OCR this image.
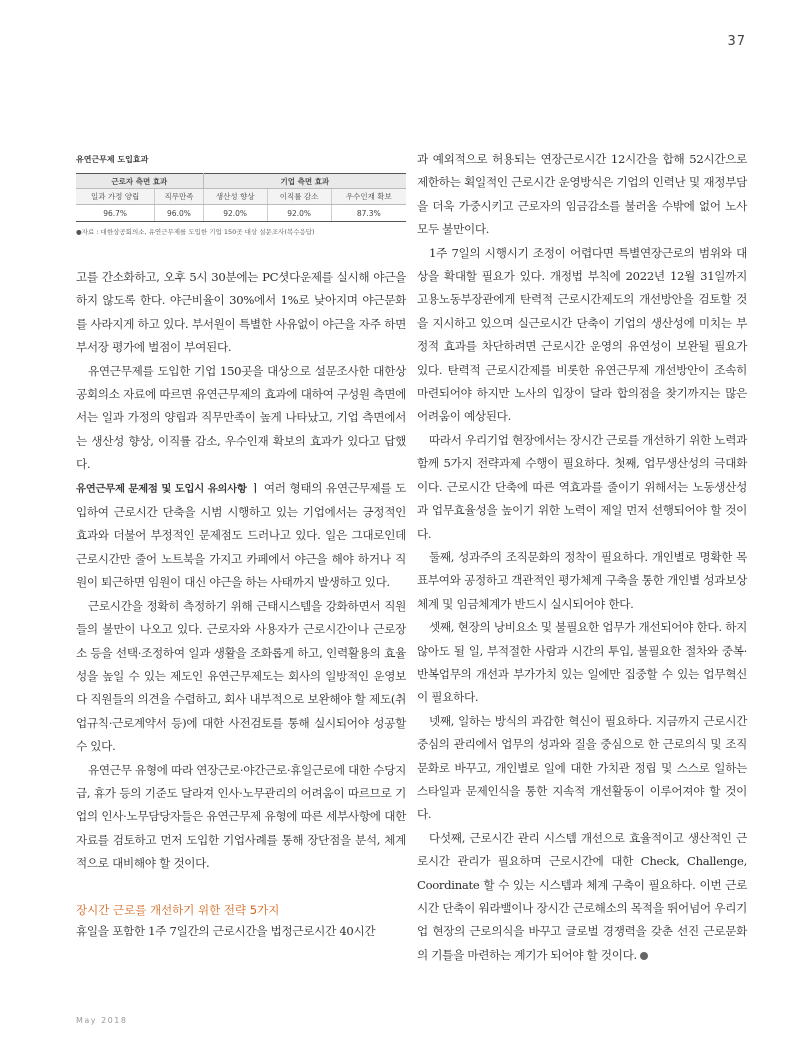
37
유연근무제 도입효과
근로자 측면 효과		기업 측면 효과		
일과 가정 양립	직무만족	생산성 향상	이직률 감소	우수인재 확보
96.7%	96.0%	92.0%	92.0%	87.3%
●자료 : 대한상공회의소, 유연근무제를 도입한 기업 150곳 대상 설문조사(복수응답)

고를 간소화하고, 오후 5시 30분에는 PC셧다운제를 실시해 야근을 하지 않도록 한다. 야근비율이 30%에서 1%로 낮아지며 야근문화를 사라지게 하고 있다. 부서원이 특별한 사유없이 야근을 자주 하면 부서장 평가에 벌점이 부여된다.

유연근무제를 도입한 기업 150곳을 대상으로 설문조사한 대한상공회의소 자료에 따르면 유연근무제의 효과에 대하여 구성원 측면에서는 일과 가정의 양립과 직무만족이 높게 나타났고, 기업 측면에서는 생산성 향상, 이직률 감소, 우수인재 확보의 효과가 있다고 답했다.

유연근무제 문제점 및 도입시 유의사항 ㅣ 여러 형태의 유연근무제를 도입하여 근로시간 단축을 시범 시행하고 있는 기업에서는 긍정적인 효과와 더불어 부정적인 문제점도 드러나고 있다. 일은 그대로인데 근로시간만 줄어 노트북을 가지고 카페에서 야근을 해야 하거나 직원이 퇴근하면 임원이 대신 야근을 하는 사태까지 발생하고 있다.

근로시간을 정확히 측정하기 위해 근태시스템을 강화하면서 직원들의 불만이 나오고 있다. 근로자와 사용자가 근로시간이나 근로장소 등을 선택·조정하여 일과 생활을 조화롭게 하고, 인력활용의 효율성을 높일 수 있는 제도인 유연근무제도는 회사의 일방적인 운영보다 직원들의 의견을 수렴하고, 회사 내부적으로 보완해야 할 제도(취업규칙·근로계약서 등)에 대한 사전검토를 통해 실시되어야 성공할 수 있다.

유연근무 유형에 따라 연장근로·야간근로·휴일근로에 대한 수당지급, 휴가 등의 기준도 달라져 인사·노무관리의 어려움이 따르므로 기업의 인사·노무담당자들은 유연근무제 유형에 따른 세부사항에 대한 자료를 검토하고 먼저 도입한 기업사례를 통해 장단점을 분석, 체계적으로 대비해야 할 것이다.

장시간 근로를 개선하기 위한 전략 5가지

휴일을 포함한 1주 7일간의 근로시간을 법정근로시간 40시간

과 예외적으로 허용되는 연장근로시간 12시간을 합해 52시간으로 제한하는 획일적인 근로시간 운영방식은 기업의 인력난 및 재정부담을 더욱 가중시키고 근로자의 임금감소를 불러올 수밖에 없어 노사 모두 불만이다.

1주 7일의 시행시기 조정이 어렵다면 특별연장근로의 범위와 대상을 확대할 필요가 있다. 개정법 부칙에 2022년 12월 31일까지 고용노동부장관에게 탄력적 근로시간제도의 개선방안을 검토할 것을 지시하고 있으며 실근로시간 단축이 기업의 생산성에 미치는 부정적 효과를 차단하려면 근로시간 운영의 유연성이 보완될 필요가 있다. 탄력적 근로시간제를 비롯한 유연근무제 개선방안이 조속히 마련되어야 하지만 노사의 입장이 달라 합의점을 찾기까지는 많은 어려움이 예상된다.

따라서 우리기업 현장에서는 장시간 근로를 개선하기 위한 노력과 함께 5가지 전략과제 수행이 필요하다. 첫째, 업무생산성의 극대화이다. 근로시간 단축에 따른 역효과를 줄이기 위해서는 노동생산성과 업무효율성을 높이기 위한 노력이 제일 먼저 선행되어야 할 것이다.

둘째, 성과주의 조직문화의 정착이 필요하다. 개인별로 명확한 목표부여와 공정하고 객관적인 평가체계 구축을 통한 개인별 성과보상체계 및 임금체계가 반드시 실시되어야 한다.

셋째, 현장의 낭비요소 및 불필요한 업무가 개선되어야 한다. 하지 않아도 될 일, 부적절한 사람과 시간의 투입, 불필요한 절차와 중복·반복업무의 개선과 부가가치 있는 일에만 집중할 수 있는 업무혁신이 필요하다.

넷째, 일하는 방식의 과감한 혁신이 필요하다. 지금까지 근로시간 중심의 관리에서 업무의 성과와 질을 중심으로 한 근로의식 및 조직문화로 바꾸고, 개인별로 일에 대한 가치관 정립 및 스스로 일하는 스타일과 문제인식을 통한 지속적 개선활동이 이루어져야 할 것이다.

다섯째, 근로시간 관리 시스템 개선으로 효율적이고 생산적인 근로시간 관리가 필요하며 근로시간에 대한 Check, Challenge, Coordinate 할 수 있는 시스템과 체계 구축이 필요하다. 이번 근로시간 단축이 워라밸이나 장시간 근로해소의 목적을 뛰어넘어 우리기업 현장의 근로의식을 바꾸고 글로벌 경쟁력을 갖춘 선진 근로문화의 기틀을 마련하는 계기가 되어야 할 것이다.

May 2018
